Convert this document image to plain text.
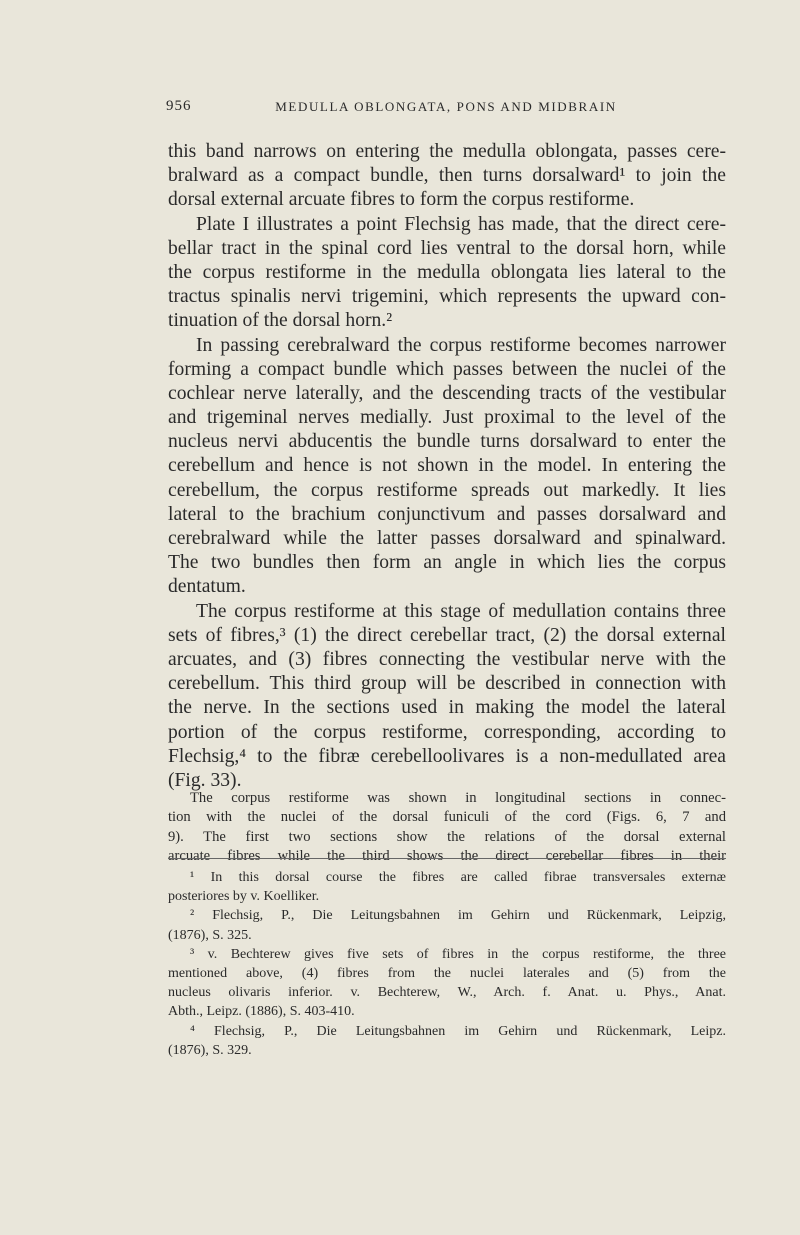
956	MEDULLA OBLONGATA, PONS AND MIDBRAIN
this band narrows on entering the medulla oblongata, passes cere-
bralward as a compact bundle, then turns dorsalward¹ to join the
dorsal external arcuate fibres to form the corpus restiforme.
Plate I illustrates a point Flechsig has made, that the direct cere-
bellar tract in the spinal cord lies ventral to the dorsal horn, while
the corpus restiforme in the medulla oblongata lies lateral to the
tractus spinalis nervi trigemini, which represents the upward con-
tinuation of the dorsal horn.²
In passing cerebralward the corpus restiforme becomes narrower
forming a compact bundle which passes between the nuclei of the
cochlear nerve laterally, and the descending tracts of the vestibular
and trigeminal nerves medially. Just proximal to the level of the
nucleus nervi abducentis the bundle turns dorsalward to enter the
cerebellum and hence is not shown in the model. In entering the
cerebellum, the corpus restiforme spreads out markedly. It lies
lateral to the brachium conjunctivum and passes dorsalward and
cerebralward while the latter passes dorsalward and spinalward.
The two bundles then form an angle in which lies the corpus
dentatum.
The corpus restiforme at this stage of medullation contains three
sets of fibres,³ (1) the direct cerebellar tract, (2) the dorsal external
arcuates, and (3) fibres connecting the vestibular nerve with the
cerebellum. This third group will be described in connection with
the nerve. In the sections used in making the model the lateral
portion of the corpus restiforme, corresponding, according to
Flechsig,⁴ to the fibræ cerebelloolivares is a non-medullated area
(Fig. 33).
The corpus restiforme was shown in longitudinal sections in connec-
tion with the nuclei of the dorsal funiculi of the cord (Figs. 6, 7 and
9). The first two sections show the relations of the dorsal external
arcuate fibres while the third shows the direct cerebellar fibres in their
¹ In this dorsal course the fibres are called fibrae transversales externæ
posteriores by v. Koelliker.
² Flechsig, P., Die Leitungsbahnen im Gehirn und Rückenmark, Leipzig,
(1876), S. 325.
³ v. Bechterew gives five sets of fibres in the corpus restiforme, the three
mentioned above, (4) fibres from the nuclei laterales and (5) from the
nucleus olivaris inferior. v. Bechterew, W., Arch. f. Anat. u. Phys., Anat.
Abth., Leipz. (1886), S. 403-410.
⁴ Flechsig, P., Die Leitungsbahnen im Gehirn und Rückenmark, Leipz.
(1876), S. 329.
